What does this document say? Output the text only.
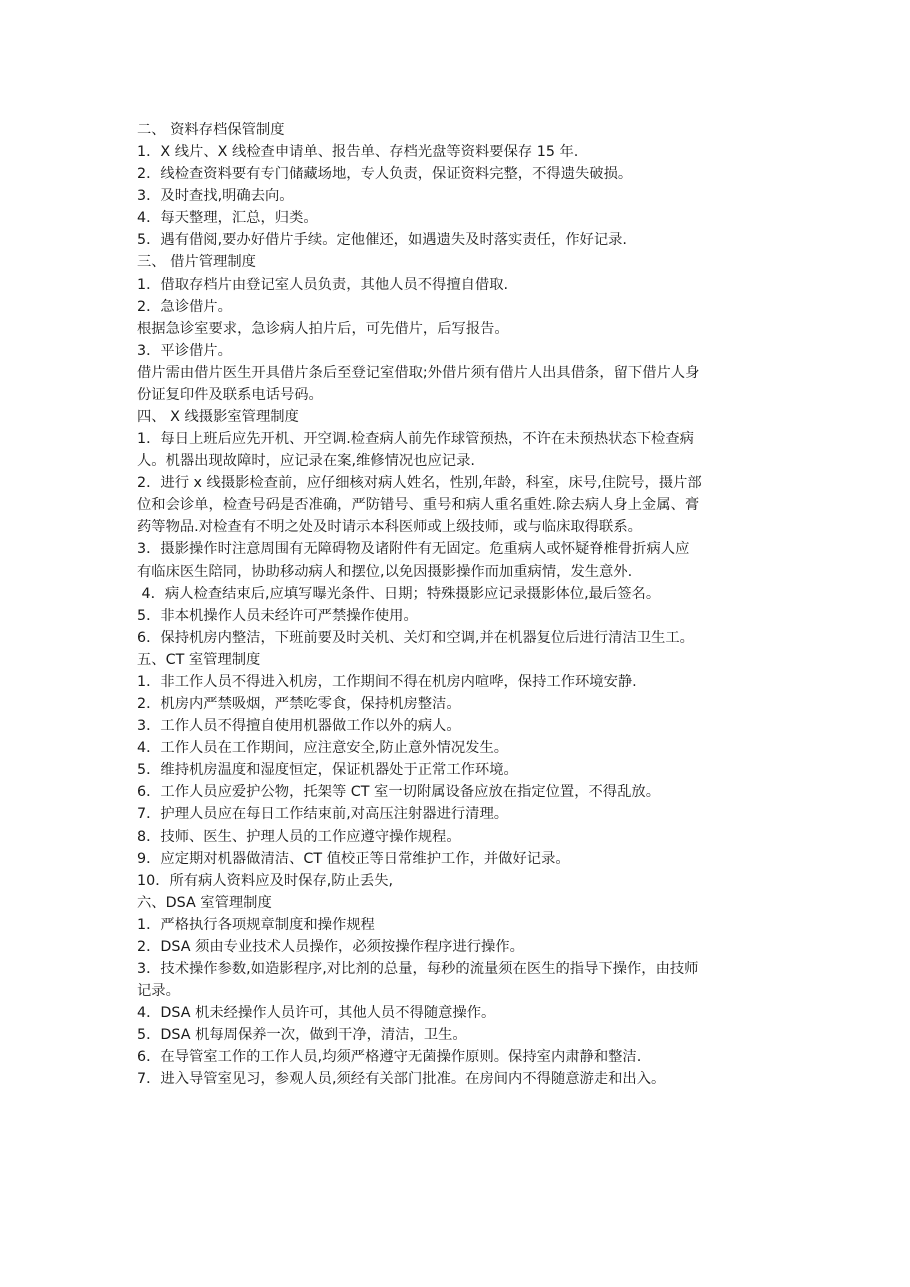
二、 资料存档保管制度
1．X 线片、X 线检查申请单、报告单、存档光盘等资料要保存 15 年.
2．线检查资料要有专门储藏场地，专人负责，保证资料完整，不得遗失破损。
3．及时查找,明确去向。
4．每天整理，汇总，归类。
5．遇有借阅,要办好借片手续。定他催还，如遇遗失及时落实责任，作好记录.
三、 借片管理制度
1．借取存档片由登记室人员负责，其他人员不得擅自借取.
2．急诊借片。
根据急诊室要求，急诊病人拍片后，可先借片，后写报告。
3．平诊借片。
借片需由借片医生开具借片条后至登记室借取;外借片须有借片人出具借条，留下借片人身
份证复印件及联系电话号码。
四、 X 线摄影室管理制度
1．每日上班后应先开机、开空调.检查病人前先作球管预热，不许在未预热状态下检查病
人。机器出现故障时，应记录在案,维修情况也应记录.
2．进行 x 线摄影检查前，应仔细核对病人姓名，性别,年龄，科室，床号,住院号，摄片部
位和会诊单，检查号码是否准确，严防错号、重号和病人重名重姓.除去病人身上金属、膏
药等物品.对检查有不明之处及时请示本科医师或上级技师，或与临床取得联系。
3．摄影操作时注意周围有无障碍物及诸附件有无固定。危重病人或怀疑脊椎骨折病人应
有临床医生陪同，协助移动病人和摆位,以免因摄影操作而加重病情，发生意外.
4．病人检查结束后,应填写曝光条件、日期；特殊摄影应记录摄影体位,最后签名。
5．非本机操作人员未经许可严禁操作使用。
6．保持机房内整洁，下班前要及时关机、关灯和空调,并在机器复位后进行清洁卫生工。
五、CT 室管理制度
1．非工作人员不得进入机房，工作期间不得在机房内喧哗，保持工作环境安静.
2．机房内严禁吸烟，严禁吃零食，保持机房整洁。
3．工作人员不得擅自使用机器做工作以外的病人。
4．工作人员在工作期间，应注意安全,防止意外情况发生。
5．维持机房温度和湿度恒定，保证机器处于正常工作环境。
6．工作人员应爱护公物，托架等 CT 室一切附属设备应放在指定位置，不得乱放。
7．护理人员应在每日工作结束前,对高压注射器进行清理。
8．技师、医生、护理人员的工作应遵守操作规程。
9．应定期对机器做清洁、CT 值校正等日常维护工作，并做好记录。
10．所有病人资料应及时保存,防止丢失,
六、DSA 室管理制度
1．严格执行各项规章制度和操作规程
2．DSA 须由专业技术人员操作，必须按操作程序进行操作。
3．技术操作参数,如造影程序,对比剂的总量，每秒的流量须在医生的指导下操作，由技师
记录。
4．DSA 机未经操作人员许可，其他人员不得随意操作。
5．DSA 机每周保养一次，做到干净，清洁，卫生。
6．在导管室工作的工作人员,均须严格遵守无菌操作原则。保持室内肃静和整洁.
7．进入导管室见习，参观人员,须经有关部门批准。在房间内不得随意游走和出入。
